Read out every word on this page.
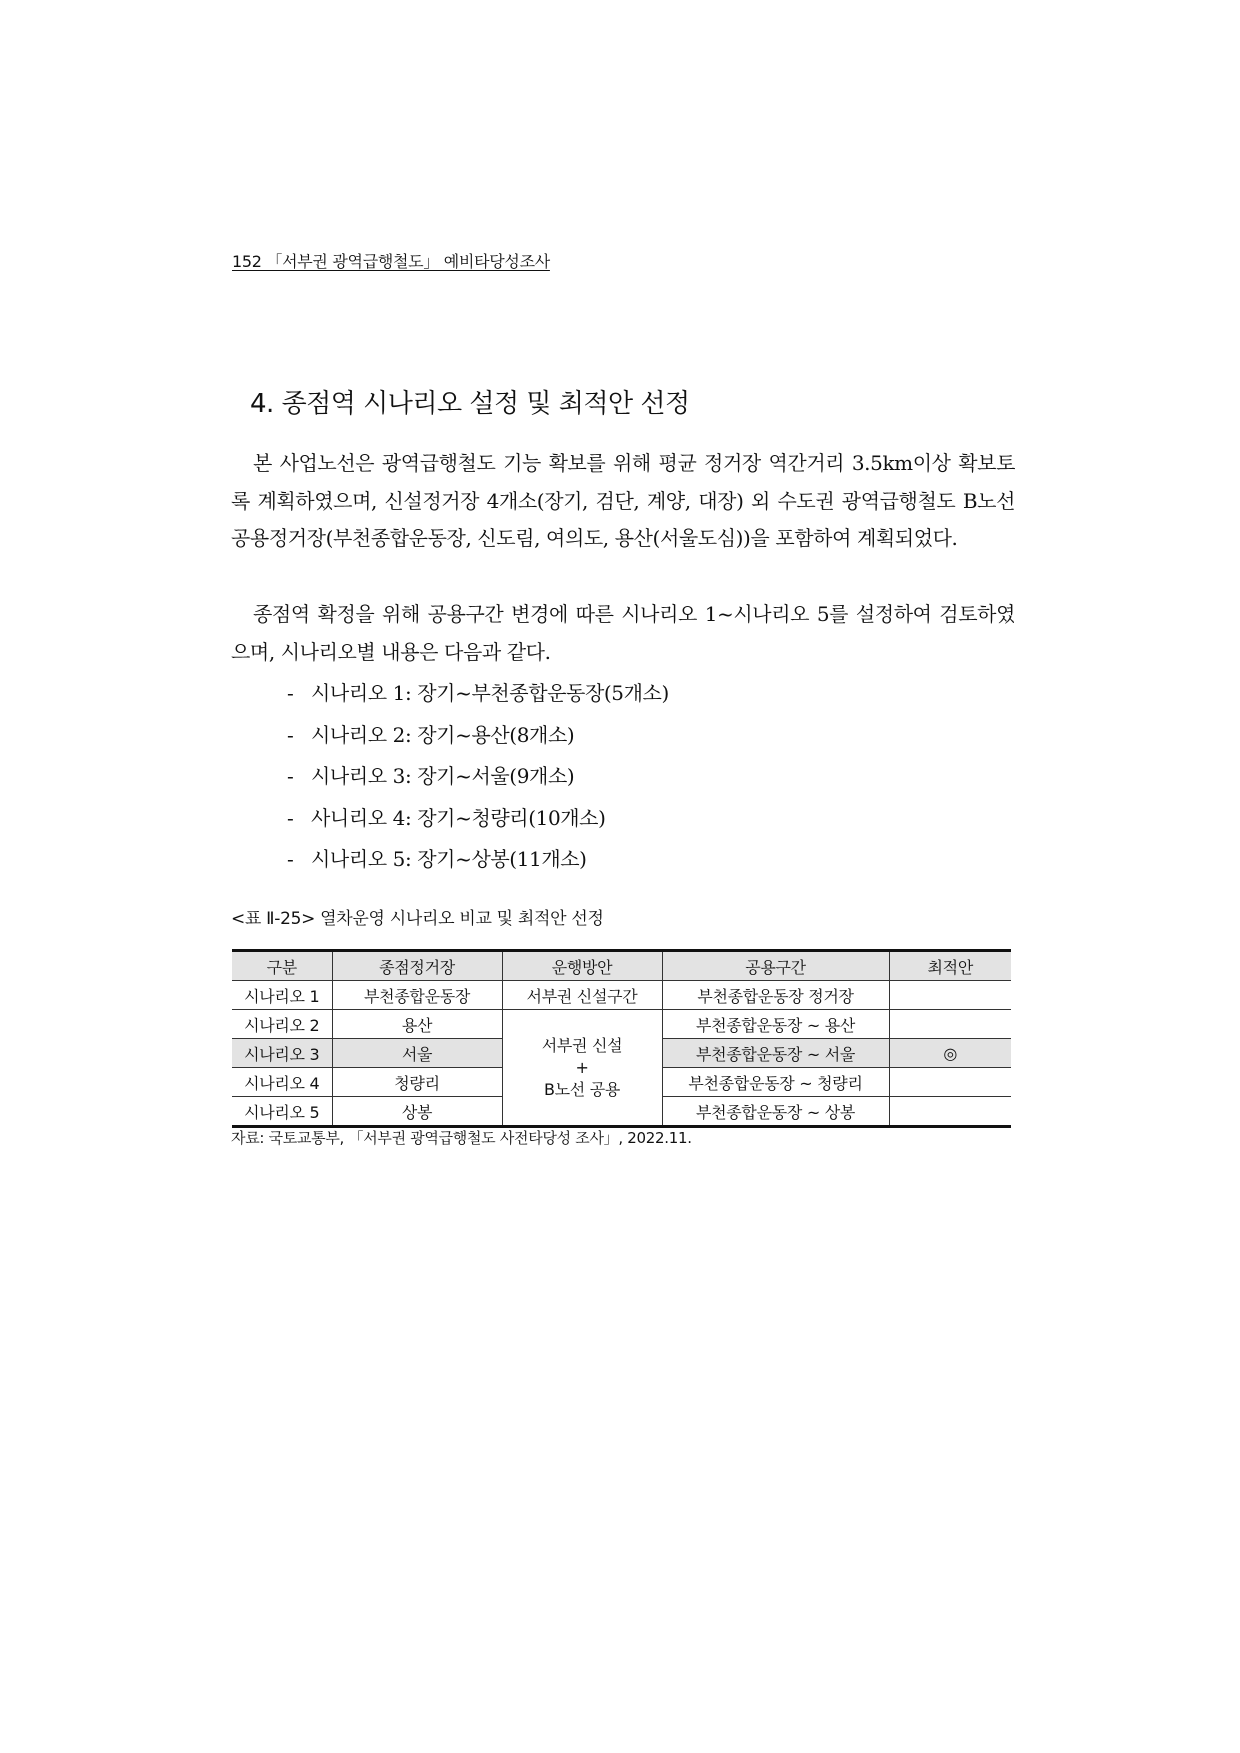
152 「서부권 광역급행철도」 예비타당성조사
4. 종점역 시나리오 설정 및 최적안 선정

본 사업노선은 광역급행철도 기능 확보를 위해 평균 정거장 역간거리 3.5km이상 확보토록 계획하였으며, 신설정거장 4개소(장기, 검단, 계양, 대장) 외 수도권 광역급행철도 B노선 공용정거장(부천종합운동장, 신도림, 여의도, 용산(서울도심))을 포함하여 계획되었다.

종점역 확정을 위해 공용구간 변경에 따른 시나리오 1~시나리오 5를 설정하여 검토하였으며, 시나리오별 내용은 다음과 같다.

- 시나리오 1: 장기~부천종합운동장(5개소)
- 시나리오 2: 장기~용산(8개소)
- 시나리오 3: 장기~서울(9개소)
- 사니리오 4: 장기~청량리(10개소)
- 시나리오 5: 장기~상봉(11개소)
<표 Ⅱ-25> 열차운영 시나리오 비교 및 최적안 선정
구분	종점정거장	운행방안	공용구간	최적안
시나리오 1	부천종합운동장	서부권 신설구간	부천종합운동장 정거장	
시나리오 2	용산	서부권 신설
+
B노선 공용	부천종합운동장 ~ 용산	
시나리오 3	서울		부천종합운동장 ~ 서울	◎
시나리오 4	청량리		부천종합운동장 ~ 청량리	
시나리오 5	상봉		부천종합운동장 ~ 상봉	
자료: 국토교통부, 「서부권 광역급행철도 사전타당성 조사」, 2022.11.
